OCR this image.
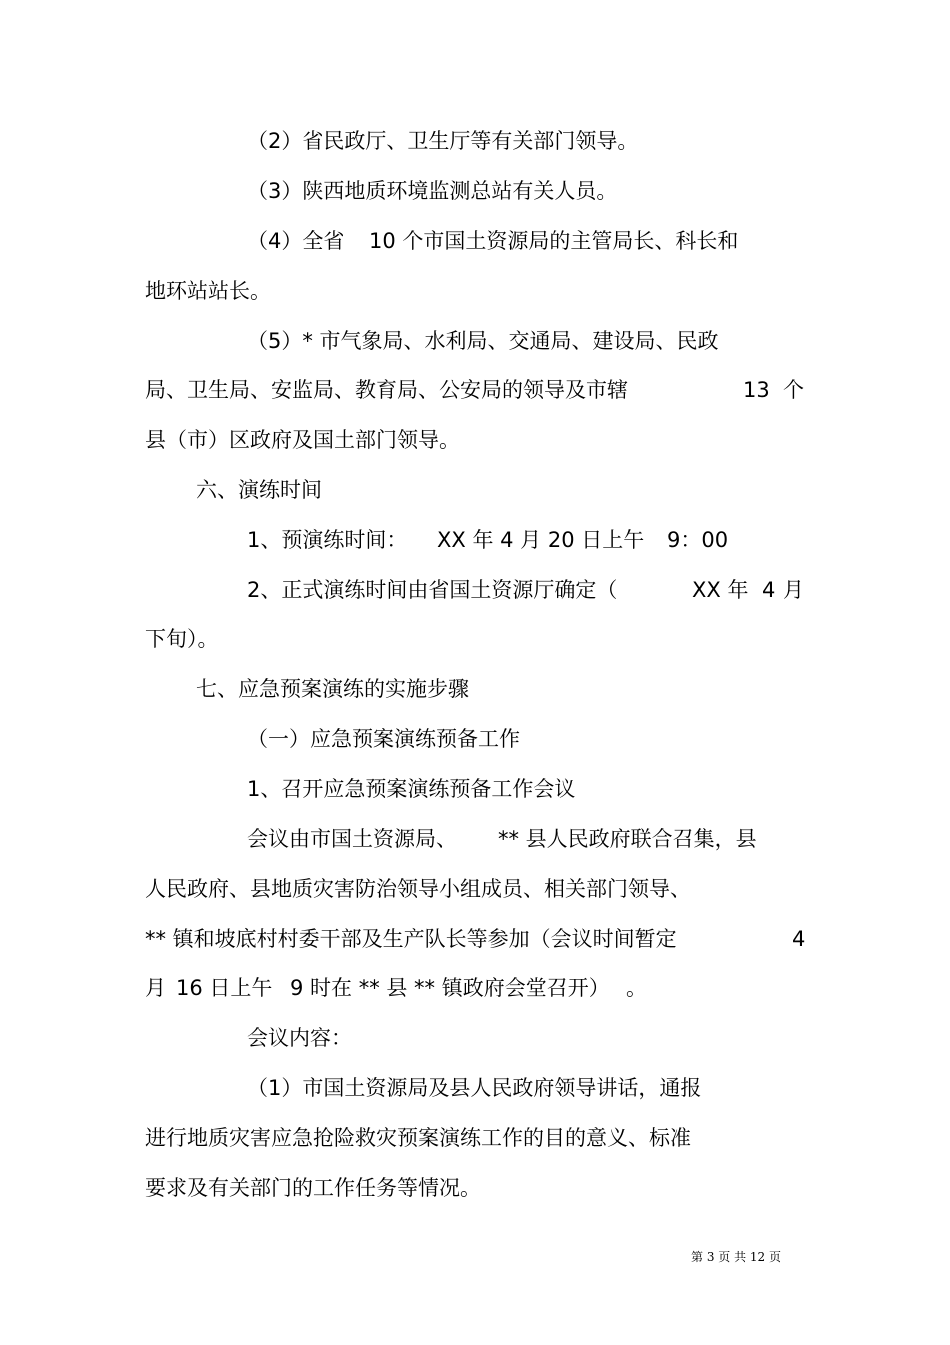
（2）省民政厅、卫生厅等有关部门领导。
（3）陕西地质环境监测总站有关人员。
（4）全省 10 个市国土资源局的主管局长、科长和
地环站站长。
（5）* 市气象局、水利局、交通局、建设局、民政
局、卫生局、安监局、教育局、公安局的领导及市辖	13 个
县（市）区政府及国土部门领导。
六、演练时间
1、预演练时间： XX 年 4 月 20 日上午 9：00
2、正式演练时间由省国土资源厅确定（	XX 年 4 月
下旬）。
七、应急预案演练的实施步骤
（一）应急预案演练预备工作
1、召开应急预案演练预备工作会议
会议由市国土资源局、 ** 县人民政府联合召集，县
人民政府、县地质灾害防治领导小组成员、相关部门领导、
** 镇和坡底村村委干部及生产队长等参加（会议时间暂定	4
月 16 日上午 9 时在 ** 县 ** 镇政府会堂召开） 。
会议内容：
（1）市国土资源局及县人民政府领导讲话，通报
进行地质灾害应急抢险救灾预案演练工作的目的意义、标准
要求及有关部门的工作任务等情况。
第 3 页 共 12 页
